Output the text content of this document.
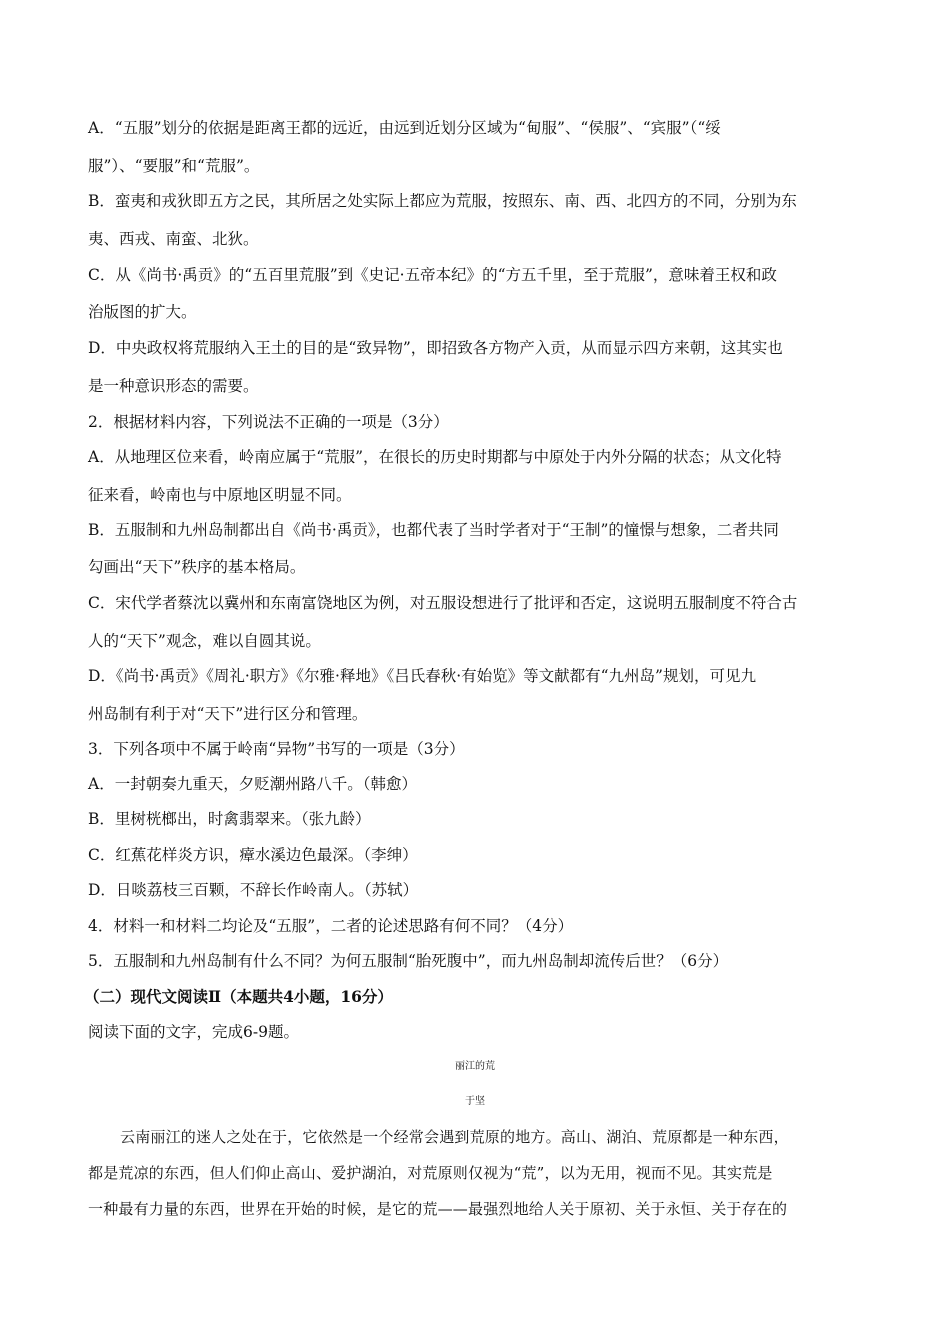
A．“五服”划分的依据是距离王都的远近，由远到近划分区域为“甸服”、“侯服”、“宾服”（“绥
服”）、“要服”和“荒服”。
B．蛮夷和戎狄即五方之民，其所居之处实际上都应为荒服，按照东、南、西、北四方的不同，分别为东
夷、西戎、南蛮、北狄。
C．从《尚书·禹贡》的“五百里荒服”到《史记·五帝本纪》的“方五千里，至于荒服”，意味着王权和政
治版图的扩大。
D．中央政权将荒服纳入王土的目的是“致异物”，即招致各方物产入贡，从而显示四方来朝，这其实也
是一种意识形态的需要。
2．根据材料内容，下列说法不正确的一项是（3分）
A．从地理区位来看，岭南应属于“荒服”，在很长的历史时期都与中原处于内外分隔的状态；从文化特
征来看，岭南也与中原地区明显不同。
B．五服制和九州岛制都出自《尚书·禹贡》，也都代表了当时学者对于“王制”的憧憬与想象，二者共同
勾画出“天下”秩序的基本格局。
C．宋代学者蔡沈以冀州和东南富饶地区为例，对五服设想进行了批评和否定，这说明五服制度不符合古
人的“天下”观念，难以自圆其说。
D．《尚书·禹贡》《周礼·职方》《尔雅·释地》《吕氏春秋·有始览》等文献都有“九州岛”规划，可见九
州岛制有利于对“天下”进行区分和管理。
3．下列各项中不属于岭南“异物”书写的一项是（3分）
A．一封朝奏九重天，夕贬潮州路八千。（韩愈）
B．里树桄榔出，时禽翡翠来。（张九龄）
C．红蕉花样炎方识，瘴水溪边色最深。（李绅）
D．日啖荔枝三百颗，不辞长作岭南人。（苏轼）
4．材料一和材料二均论及“五服”，二者的论述思路有何不同？（4分）
5．五服制和九州岛制有什么不同？为何五服制“胎死腹中”，而九州岛制却流传后世？（6分）
（二）现代文阅读Ⅱ（本题共4小题，16分）
阅读下面的文字，完成6-9题。
丽江的荒
于坚
云南丽江的迷人之处在于，它依然是一个经常会遇到荒原的地方。高山、湖泊、荒原都是一种东西，
都是荒凉的东西，但人们仰止高山、爱护湖泊，对荒原则仅视为“荒”，以为无用，视而不见。其实荒是
一种最有力量的东西，世界在开始的时候，是它的荒——最强烈地给人关于原初、关于永恒、关于存在的
